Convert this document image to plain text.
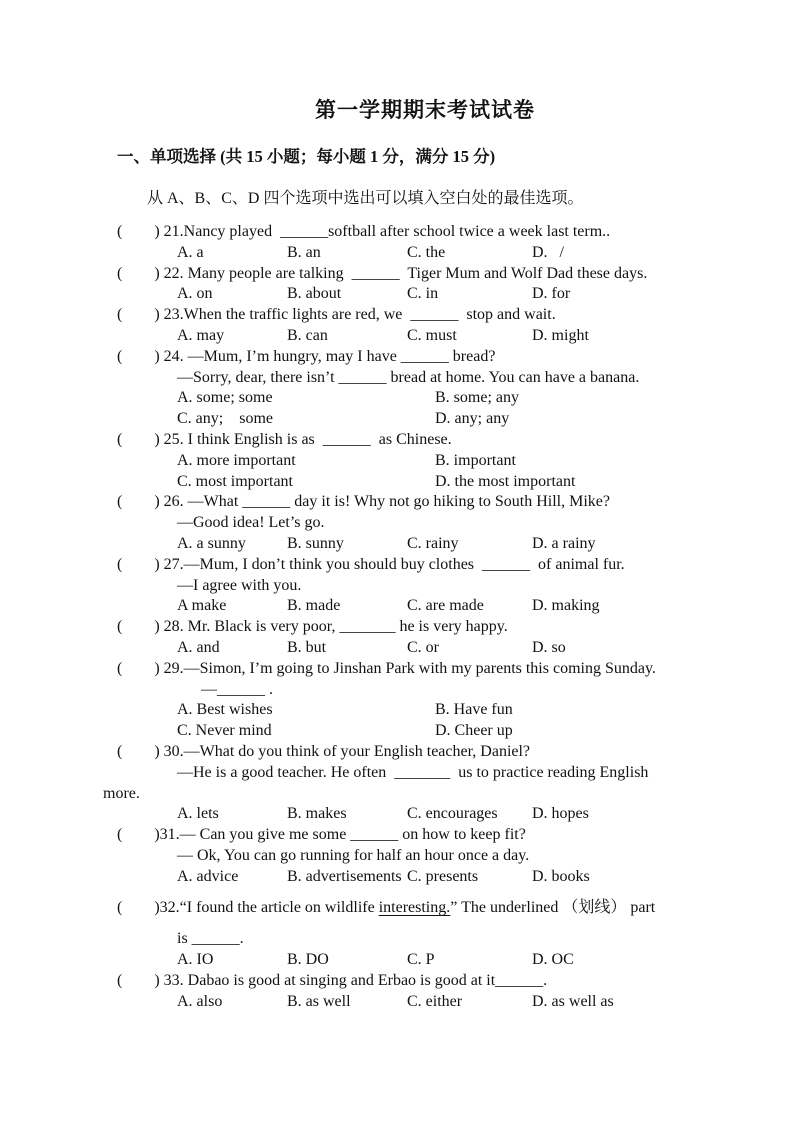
第一学期期末考试试卷
一、单项选择 (共 15 小题；每小题 1 分，满分 15 分)
从 A、B、C、D 四个选项中选出可以填入空白处的最佳选项。
(        ) 21.Nancy played  ______softball after school twice a week last term..
A. a	B. an	C. the	D.   /
(        ) 22. Many people are talking  ______  Tiger Mum and Wolf Dad these days.
A. on	B. about	C. in	D. for
(        ) 23.When the traffic lights are red, we  ______  stop and wait.
A. may	B. can	C. must	D. might
(        ) 24. —Mum, I’m hungry, may I have ______ bread?
—Sorry, dear, there isn’t ______ bread at home. You can have a banana.
A. some; some	B. some; any
C. any;    some	D. any; any
(        ) 25. I think English is as  ______  as Chinese.
A. more important	B. important
C. most important	D. the most important
(        ) 26. —What ______ day it is! Why not go hiking to South Hill, Mike?
—Good idea! Let’s go.
A. a sunny	B. sunny	C. rainy	D. a rainy
(        ) 27.—Mum, I don’t think you should buy clothes  ______  of animal fur.
—I agree with you.
A make	B. made	C. are made	D. making
(        ) 28. Mr. Black is very poor, _______ he is very happy.
A. and	B. but	C. or	D. so
(        ) 29.—Simon, I’m going to Jinshan Park with my parents this coming Sunday.
—______ .
A. Best wishes	B. Have fun
C. Never mind	D. Cheer up
(        ) 30.—What do you think of your English teacher, Daniel?
—He is a good teacher. He often  _______  us to practice reading English
more.
A. lets	B. makes	C. encourages D. hopes
(        )31.— Can you give me some ______ on how to keep fit?
— Ok, You can go running for half an hour once a day.
A. advice	B. advertisements C. presents	D. books
(        )32.“I found the article on wildlife interesting.” The underlined （划线） part
is ______.
A. IO	B. DO	C. P	D. OC
(        ) 33. Dabao is good at singing and Erbao is good at it______.
A. also	B. as well	C. either	D. as well as
